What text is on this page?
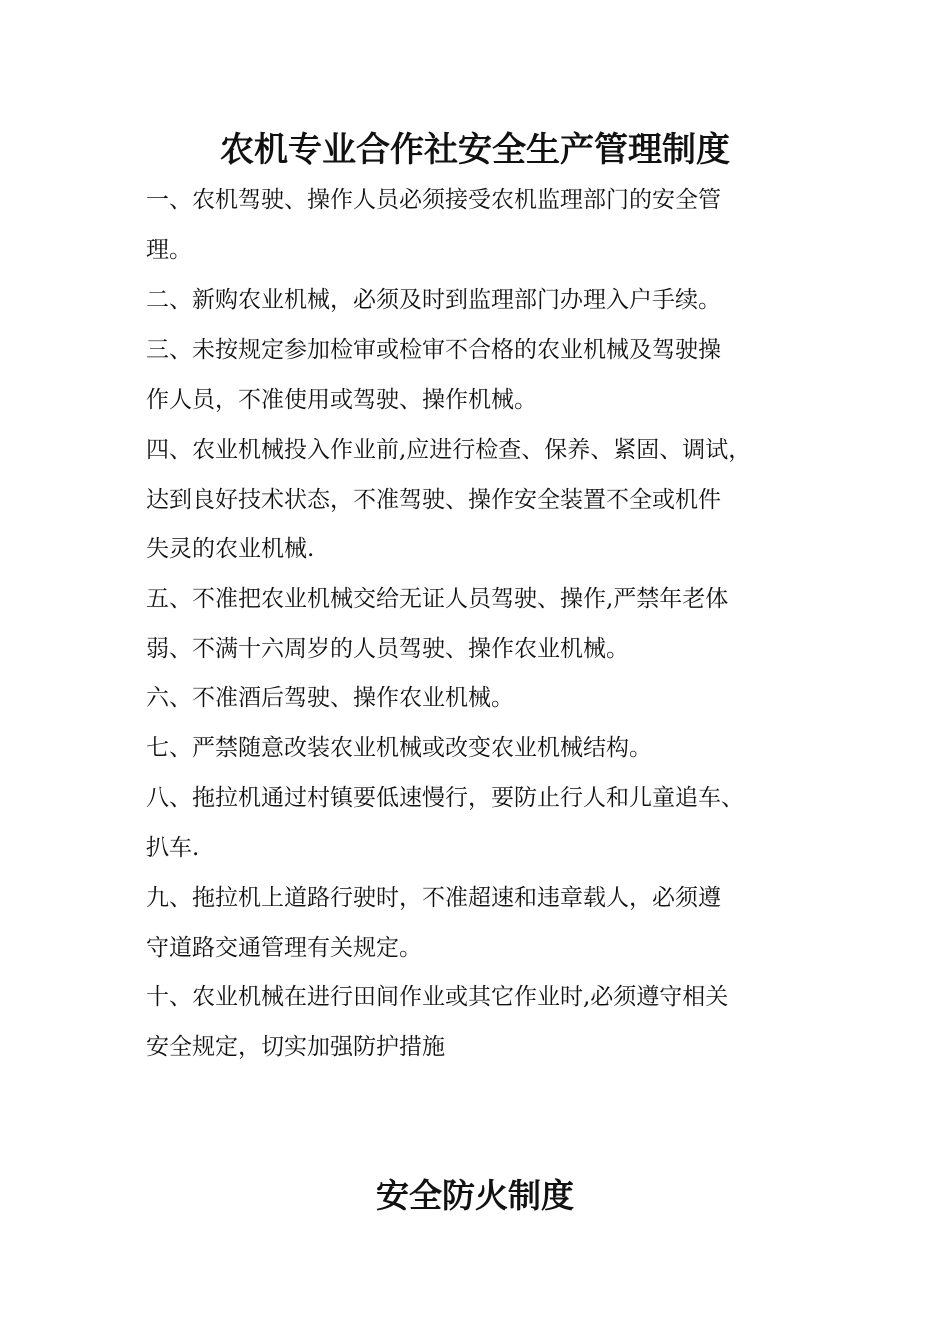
农机专业合作社安全生产管理制度
一、农机驾驶、操作人员必须接受农机监理部门的安全管
理。
二、新购农业机械，必须及时到监理部门办理入户手续。
三、未按规定参加检审或检审不合格的农业机械及驾驶操
作人员，不准使用或驾驶、操作机械。
四、农业机械投入作业前,应进行检查、保养、紧固、调试，
达到良好技术状态，不准驾驶、操作安全装置不全或机件
失灵的农业机械.
五、不准把农业机械交给无证人员驾驶、操作,严禁年老体
弱、不满十六周岁的人员驾驶、操作农业机械。
六、不准酒后驾驶、操作农业机械。
七、严禁随意改装农业机械或改变农业机械结构。
八、拖拉机通过村镇要低速慢行，要防止行人和儿童追车、
扒车.
九、拖拉机上道路行驶时，不准超速和违章载人，必须遵
守道路交通管理有关规定。
十、农业机械在进行田间作业或其它作业时,必须遵守相关
安全规定，切实加强防护措施
安全防火制度
